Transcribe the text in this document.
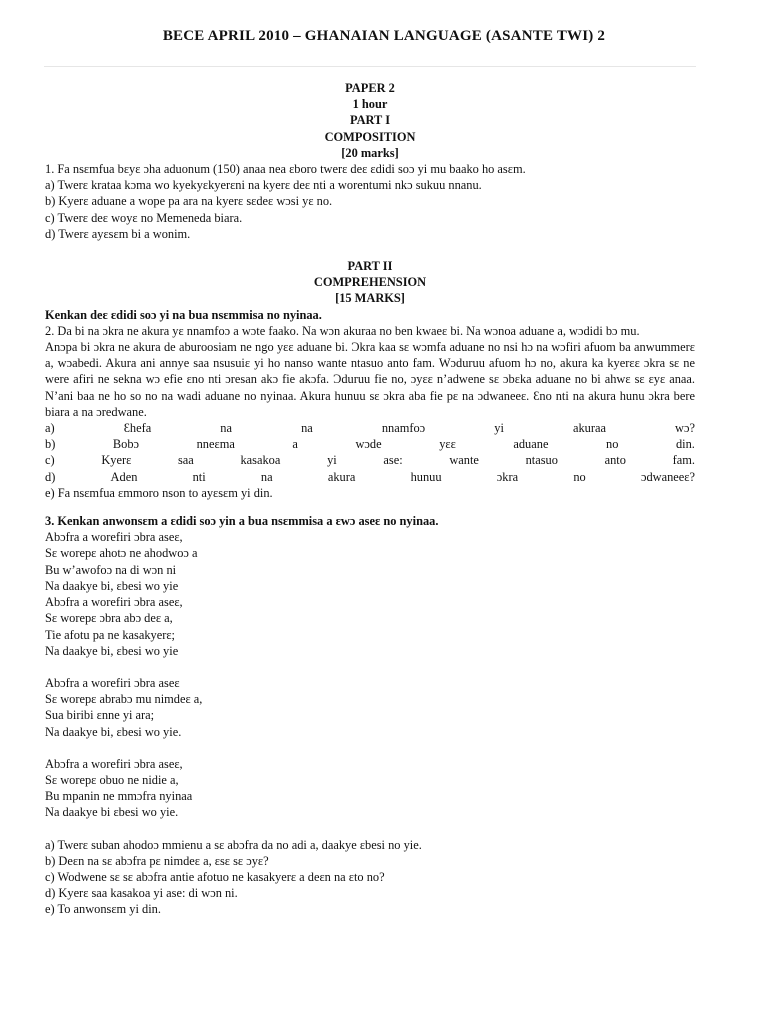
BECE APRIL 2010 – GHANAIAN LANGUAGE (ASANTE TWI) 2
PAPER 2
1 hour
PART I
COMPOSITION
[20 marks]

1. Fa nsɛmfua bɛyɛ ɔha aduonum (150) anaa nea ɛboro twerɛ deɛ ɛdidi soɔ yi mu baako ho asɛm.

a) Twerɛ krataa kɔma wo kyekyɛkyerɛni na kyerɛ deɛ nti a worentumi nkɔ sukuu nnanu.

b) Kyerɛ aduane a wope pa ara na kyerɛ sɛdeɛ wɔsi yɛ no.

c) Twerɛ deɛ woyɛ no Memeneda biara.

d) Twerɛ ayɛsɛm bi a wonim.

PART II
COMPREHENSION
[15 MARKS]

Kenkan deɛ ɛdidi soɔ yi na bua nsɛmmisa no nyinaa.

2. Da bi na ɔkra ne akura yɛ nnamfoɔ a wɔte faako. Na wɔn akuraa no ben kwaeɛ bi. Na wɔnoa aduane a, wɔdidi bɔ mu.

Anɔpa bi ɔkra ne akura de aburoosiam ne ngo yɛɛ aduane bi. Ɔkra kaa sɛ wɔmfa aduane no nsi hɔ na wɔfiri afuom ba anwummerɛ a, wɔabedi. Akura ani annye saa nsusuiɛ yi ho nanso wante ntasuo anto fam. Wɔduruu afuom hɔ no, akura ka kyerɛɛ ɔkra sɛ ne were afiri ne sekna wɔ efie ɛno nti ɔresan akɔ fie akɔfa. Ɔduruu fie no, ɔyɛɛ n’adwene sɛ ɔbɛka aduane no bi ahwɛ sɛ ɛyɛ anaa. N’ani baa ne ho so no na wadi aduane no nyinaa. Akura hunuu sɛ ɔkra aba fie pɛ na ɔdwaneeɛ. Ɛno nti na akura hunu ɔkra bere biara a na ɔredwane.

a)	Ɛhefa	na	na	nnamfoɔ	yi	akuraa	wɔ?
b)	Bobɔ	nneɛma	a	wɔde	yɛɛ	aduane	no	din.
c)	Kyerɛ	saa	kasakoa	yi	ase:	wante	ntasuo	anto	fam.
d)	Aden	nti	na	akura	hunuu	ɔkra	no	ɔdwaneeɛ?

e) Fa nsɛmfua ɛmmoro nson to ayɛsɛm yi din.

3. Kenkan anwonsɛm a ɛdidi soɔ yin a bua nsɛmmisa a ɛwɔ aseɛ no nyinaa.

Abɔfra a worefiri ɔbra aseɛ,
Sɛ worepɛ ahotɔ ne ahodwoɔ a
Bu w’awofoɔ na di wɔn ni
Na daakye bi, ɛbesi wo yie
Abɔfra a worefiri ɔbra aseɛ,
Sɛ worepɛ ɔbra abɔ deɛ a,
Tie afotu pa ne kasakyerɛ;
Na daakye bi, ɛbesi wo yie
Abɔfra a worefiri ɔbra aseɛ
Sɛ worepɛ abrabɔ mu nimdeɛ a,
Sua biribi ɛnne yi ara;
Na daakye bi, ɛbesi wo yie.
Abɔfra a worefiri ɔbra aseɛ,
Sɛ worepɛ obuo ne nidie a,
Bu mpanin ne mmɔfra nyinaa
Na daakye bi ɛbesi wo yie.
a) Twerɛ suban ahodoɔ mmienu a sɛ abɔfra da no adi a, daakye ɛbesi no yie.
b) Deɛn na sɛ abɔfra pɛ nimdeɛ a, ɛsɛ sɛ ɔyɛ?
c) Wodwene sɛ sɛ abɔfra antie afotuo ne kasakyerɛ a deɛn na ɛto no?
d) Kyerɛ saa kasakoa yi ase: di wɔn ni.
e) To anwonsɛm yi din.
